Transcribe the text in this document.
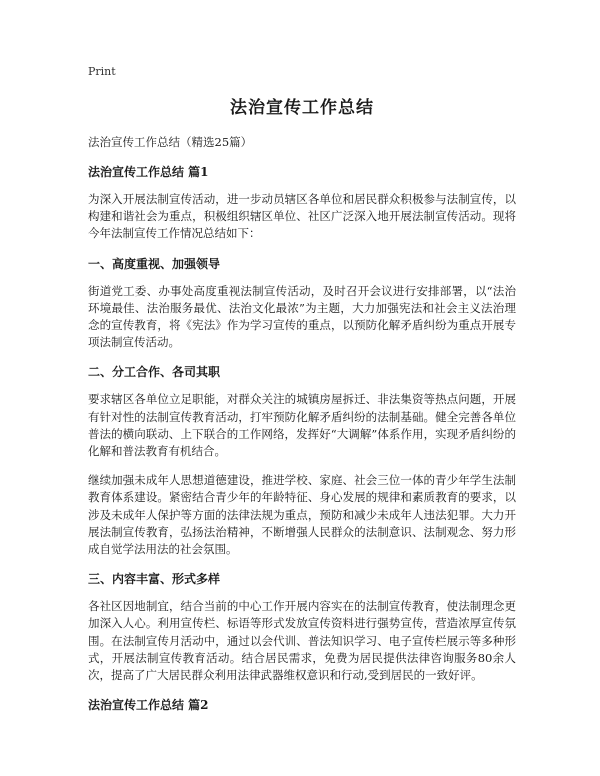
Print
法治宣传工作总结
法治宣传工作总结（精选25篇）
法治宣传工作总结 篇1
为深入开展法制宣传活动，进一步动员辖区各单位和居民群众积极参与法制宣传，以构建和谐社会为重点，积极组织辖区单位、社区广泛深入地开展法制宣传活动。现将今年法制宣传工作情况总结如下：
一、高度重视、加强领导
街道党工委、办事处高度重视法制宣传活动，及时召开会议进行安排部署，以“法治环境最佳、法治服务最优、法治文化最浓”为主题，大力加强宪法和社会主义法治理念的宣传教育，将《宪法》作为学习宣传的重点，以预防化解矛盾纠纷为重点开展专项法制宣传活动。
二、分工合作、各司其职
要求辖区各单位立足职能，对群众关注的城镇房屋拆迁、非法集资等热点问题，开展有针对性的法制宣传教育活动，打牢预防化解矛盾纠纷的法制基础。健全完善各单位普法的横向联动、上下联合的工作网络，发挥好“大调解”体系作用，实现矛盾纠纷的化解和普法教育有机结合。
继续加强未成年人思想道德建设，推进学校、家庭、社会三位一体的青少年学生法制教育体系建设。紧密结合青少年的年龄特征、身心发展的规律和素质教育的要求，以涉及未成年人保护等方面的法律法规为重点，预防和减少未成年人违法犯罪。大力开展法制宣传教育，弘扬法治精神，不断增强人民群众的法制意识、法制观念、努力形成自觉学法用法的社会氛围。
三、内容丰富、形式多样
各社区因地制宜，结合当前的中心工作开展内容实在的法制宣传教育，使法制理念更加深入人心。利用宣传栏、标语等形式发放宣传资料进行强势宣传，营造浓厚宣传氛围。在法制宣传月活动中，通过以会代训、普法知识学习、电子宣传栏展示等多种形式，开展法制宣传教育活动。结合居民需求，免费为居民提供法律咨询服务80余人次，提高了广大居民群众利用法律武器维权意识和行动,受到居民的一致好评。
法治宣传工作总结 篇2
